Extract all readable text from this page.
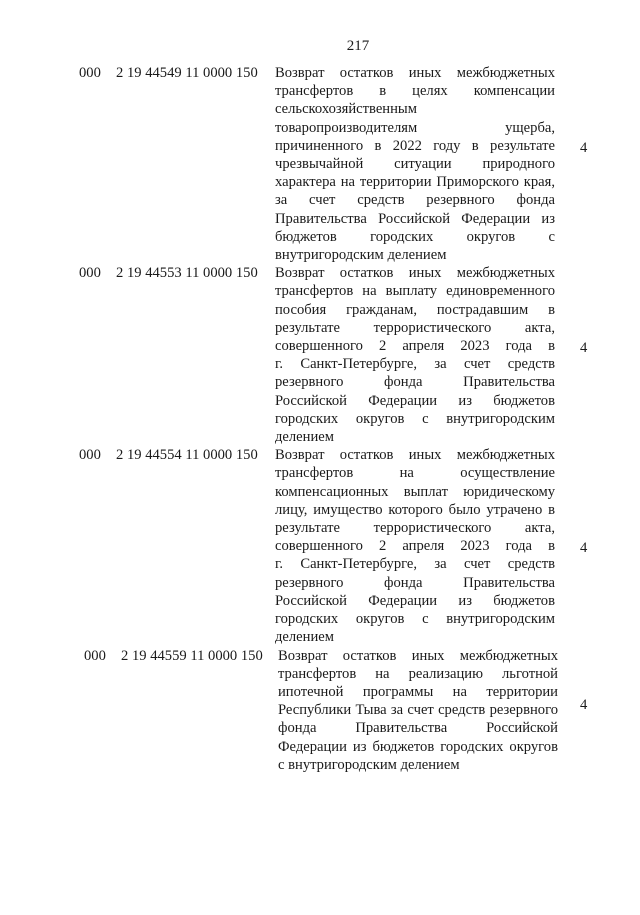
217
000 2 19 44549 11 0000 150 Возврат остатков иных межбюджетных
трансфертов в целях компенсации
сельскохозяйственным
товаропроизводителям ущерба,
причиненного в 2022 году в результате
чрезвычайной ситуации природного
характера на территории Приморского края,
за счет средств резервного фонда
Правительства Российской Федерации из
бюджетов городских округов с
внутригородским делением
4
000 2 19 44553 11 0000 150 Возврат остатков иных межбюджетных
трансфертов на выплату единовременного
пособия гражданам, пострадавшим в
результате террористического акта,
совершенного 2 апреля 2023 года в
г. Санкт-Петербурге, за счет средств
резервного фонда Правительства
Российской Федерации из бюджетов
городских округов с внутригородским
делением
4
000 2 19 44554 11 0000 150 Возврат остатков иных межбюджетных
трансфертов на осуществление
компенсационных выплат юридическому
лицу, имущество которого было утрачено в
результате террористического акта,
совершенного 2 апреля 2023 года в
г. Санкт-Петербурге, за счет средств
резервного фонда Правительства
Российской Федерации из бюджетов
городских округов с внутригородским
делением
4
000 2 19 44559 11 0000 150 Возврат остатков иных межбюджетных
трансфертов на реализацию льготной
ипотечной программы на территории
Республики Тыва за счет средств резервного
фонда Правительства Российской
Федерации из бюджетов городских округов
с внутригородским делением
4
